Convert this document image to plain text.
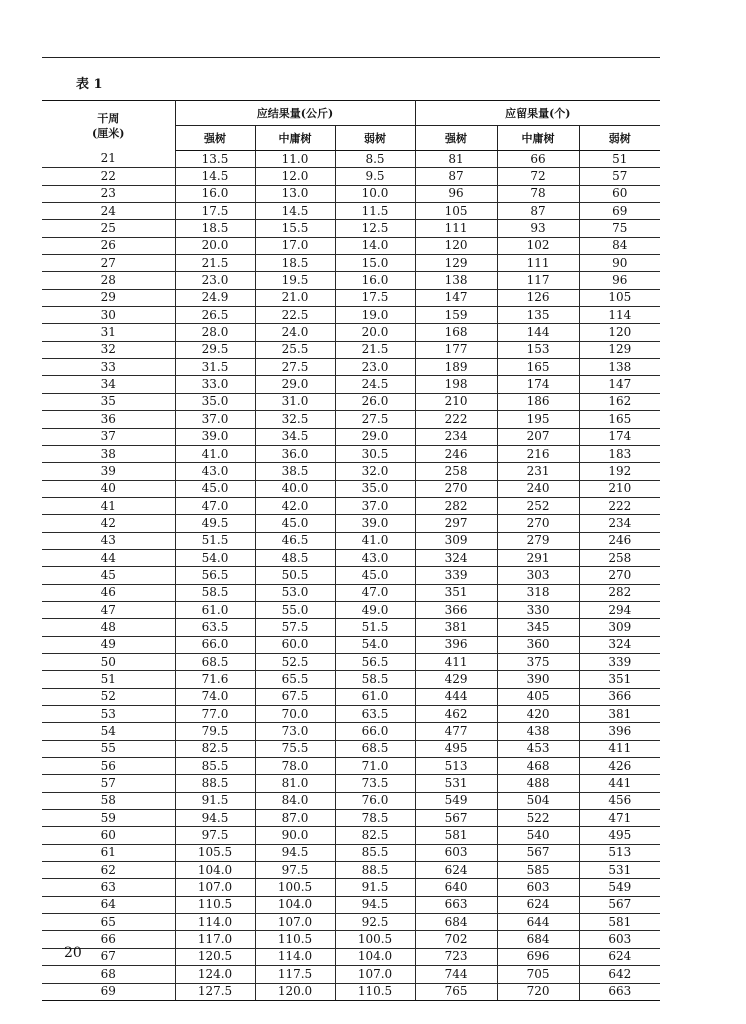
表 1
干周
(厘米)	应结果量(公斤)			应留果量(个)		
	强树	中庸树	弱树	强树	中庸树	弱树
21	13.5	11.0	8.5	81	66	51
22	14.5	12.0	9.5	87	72	57
23	16.0	13.0	10.0	96	78	60
24	17.5	14.5	11.5	105	87	69
25	18.5	15.5	12.5	111	93	75
26	20.0	17.0	14.0	120	102	84
27	21.5	18.5	15.0	129	111	90
28	23.0	19.5	16.0	138	117	96
29	24.9	21.0	17.5	147	126	105
30	26.5	22.5	19.0	159	135	114
31	28.0	24.0	20.0	168	144	120
32	29.5	25.5	21.5	177	153	129
33	31.5	27.5	23.0	189	165	138
34	33.0	29.0	24.5	198	174	147
35	35.0	31.0	26.0	210	186	162
36	37.0	32.5	27.5	222	195	165
37	39.0	34.5	29.0	234	207	174
38	41.0	36.0	30.5	246	216	183
39	43.0	38.5	32.0	258	231	192
40	45.0	40.0	35.0	270	240	210
41	47.0	42.0	37.0	282	252	222
42	49.5	45.0	39.0	297	270	234
43	51.5	46.5	41.0	309	279	246
44	54.0	48.5	43.0	324	291	258
45	56.5	50.5	45.0	339	303	270
46	58.5	53.0	47.0	351	318	282
47	61.0	55.0	49.0	366	330	294
48	63.5	57.5	51.5	381	345	309
49	66.0	60.0	54.0	396	360	324
50	68.5	52.5	56.5	411	375	339
51	71.6	65.5	58.5	429	390	351
52	74.0	67.5	61.0	444	405	366
53	77.0	70.0	63.5	462	420	381
54	79.5	73.0	66.0	477	438	396
55	82.5	75.5	68.5	495	453	411
56	85.5	78.0	71.0	513	468	426
57	88.5	81.0	73.5	531	488	441
58	91.5	84.0	76.0	549	504	456
59	94.5	87.0	78.5	567	522	471
60	97.5	90.0	82.5	581	540	495
61	105.5	94.5	85.5	603	567	513
62	104.0	97.5	88.5	624	585	531
63	107.0	100.5	91.5	640	603	549
64	110.5	104.0	94.5	663	624	567
65	114.0	107.0	92.5	684	644	581
66	117.0	110.5	100.5	702	684	603
67	120.5	114.0	104.0	723	696	624
68	124.0	117.5	107.0	744	705	642
69	127.5	120.0	110.5	765	720	663
20
